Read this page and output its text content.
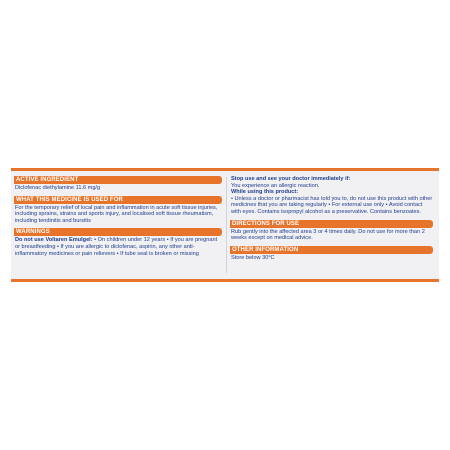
ACTIVE INGREDIENT
Diclofenac diethylamine 11.6 mg/g
WHAT THIS MEDICINE IS USED FOR
For the temporary relief of local pain and inflammation in acute soft tissue injuries, including sprains, strains and sports injury, and localised soft tissue rheumatism, including tendinitis and bursitis
WARNINGS
Do not use Voltaren Emulgel: • On children under 12 years • If you are pregnant or breastfeeding • If you are allergic to diclofenac, aspirin, any other anti-inflammatory medicines or pain relievers • If tube seal is broken or missing
Stop use and see your doctor immediately if:
You experience an allergic reaction.
While using this product:
• Unless a doctor or pharmacist has told you to, do not use this product with other medicines that you are taking regularly • For external use only • Avoid contact with eyes. Contains isopropyl alcohol as a preservative. Contains benzoates.
DIRECTIONS FOR USE
Rub gently into the affected area 3 or 4 times daily. Do not use for more than 2 weeks except on medical advice.
OTHER INFORMATION
Store below 30°C
